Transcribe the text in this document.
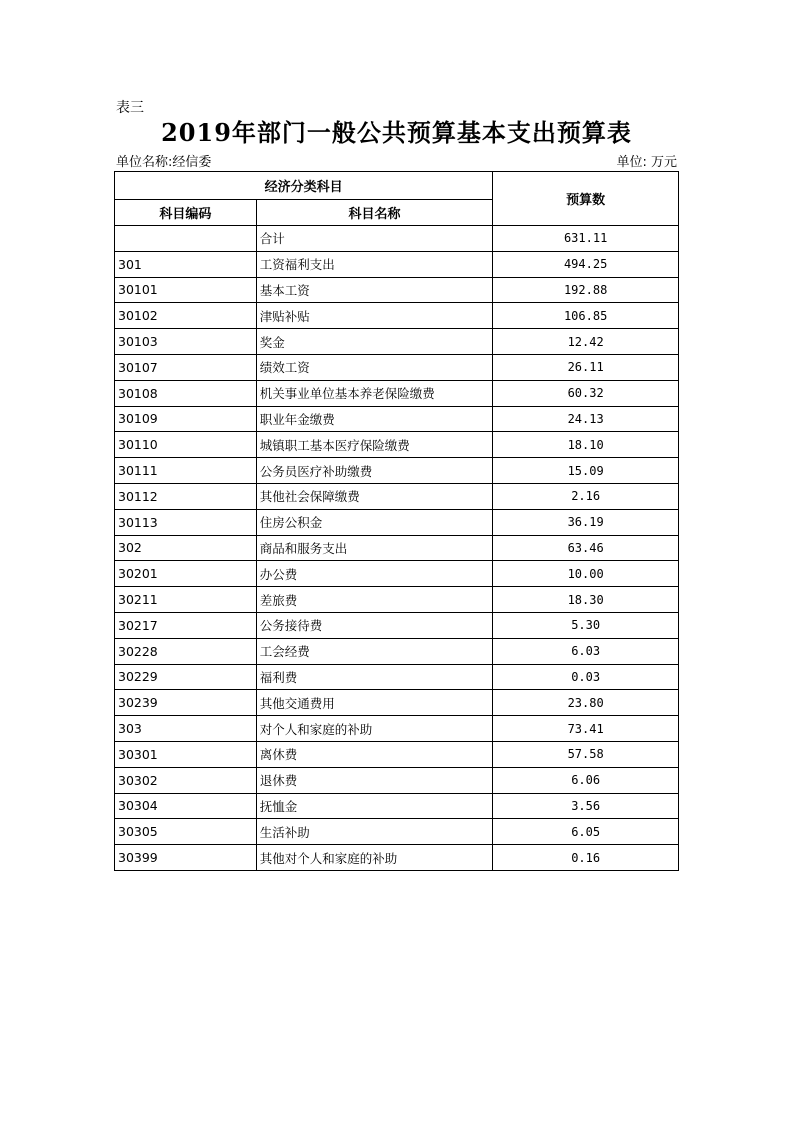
表三
2019年部门一般公共预算基本支出预算表
单位名称:经信委	单位: 万元
经济分类科目		预算数
科目编码	科目名称	
	合计	631.11
301	工资福利支出	494.25
30101	基本工资	192.88
30102	津贴补贴	106.85
30103	奖金	12.42
30107	绩效工资	26.11
30108	机关事业单位基本养老保险缴费	60.32
30109	职业年金缴费	24.13
30110	城镇职工基本医疗保险缴费	18.10
30111	公务员医疗补助缴费	15.09
30112	其他社会保障缴费	2.16
30113	住房公积金	36.19
302	商品和服务支出	63.46
30201	办公费	10.00
30211	差旅费	18.30
30217	公务接待费	5.30
30228	工会经费	6.03
30229	福利费	0.03
30239	其他交通费用	23.80
303	对个人和家庭的补助	73.41
30301	离休费	57.58
30302	退休费	6.06
30304	抚恤金	3.56
30305	生活补助	6.05
30399	其他对个人和家庭的补助	0.16
